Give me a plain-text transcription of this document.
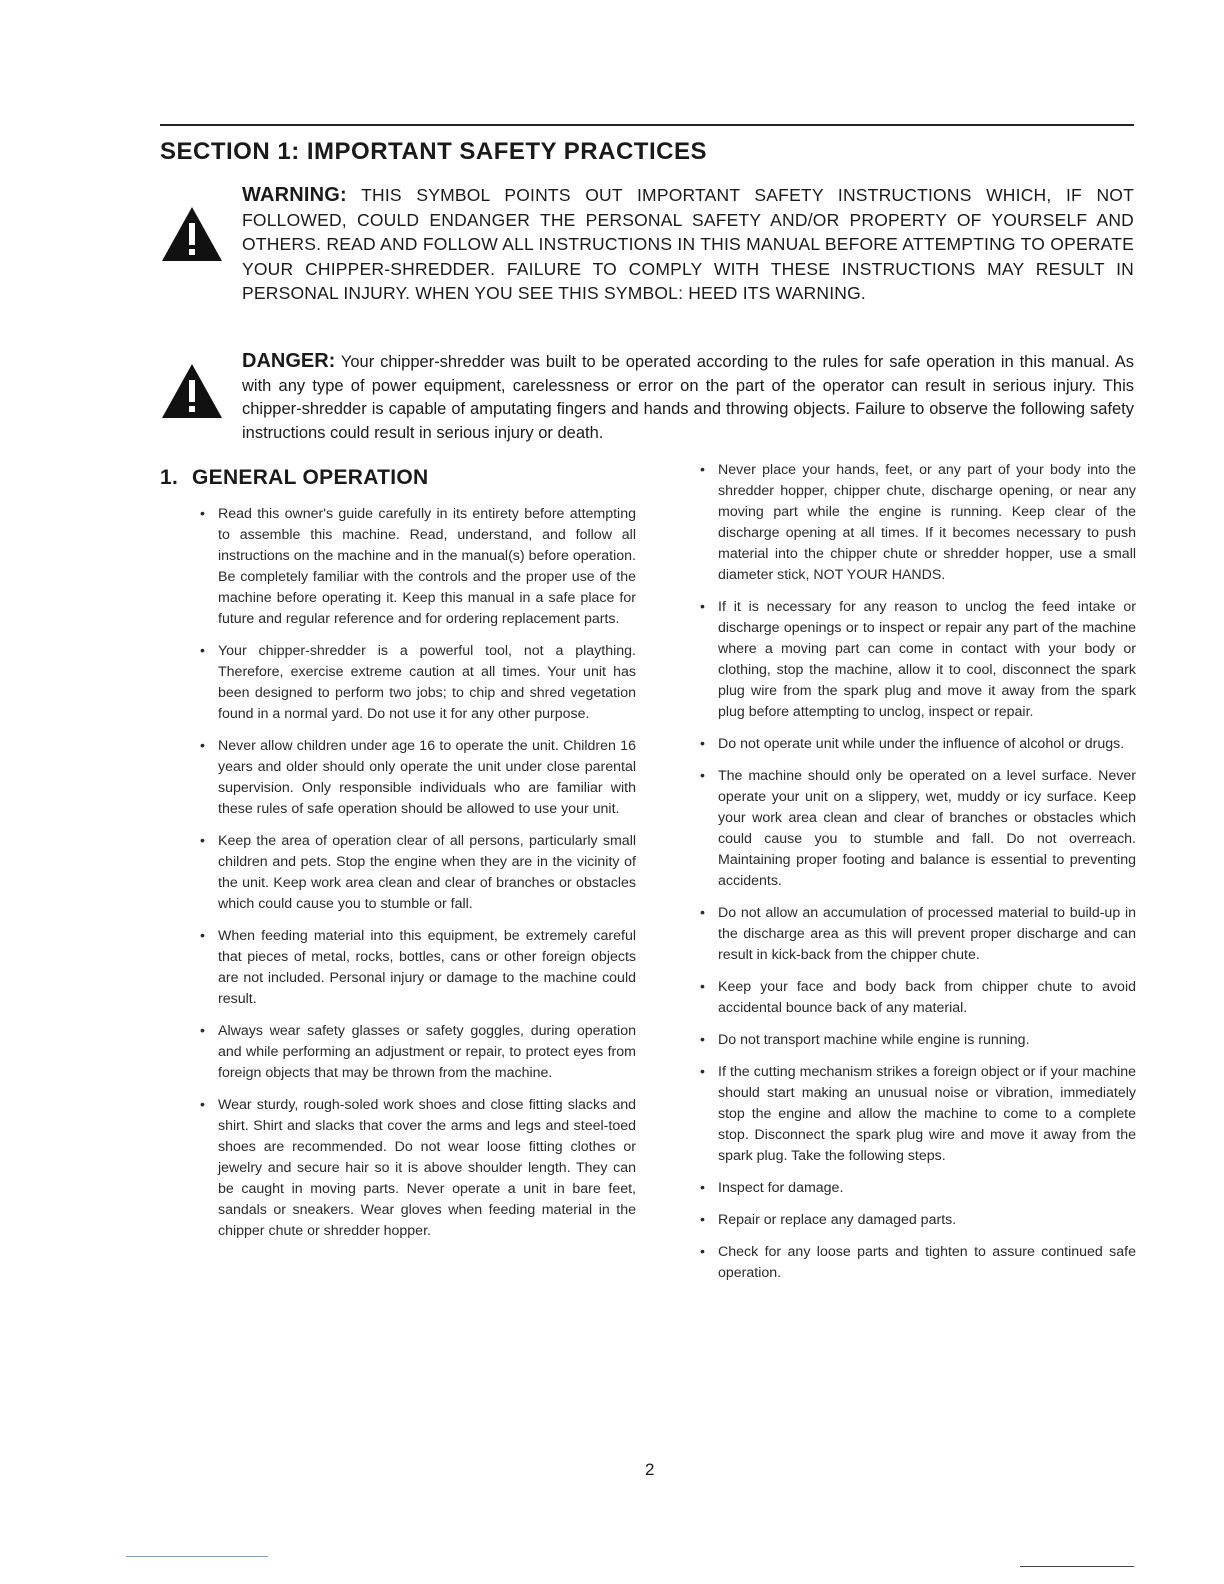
SECTION 1: IMPORTANT SAFETY PRACTICES
WARNING: THIS SYMBOL POINTS OUT IMPORTANT SAFETY INSTRUCTIONS WHICH, IF NOT FOLLOWED, COULD ENDANGER THE PERSONAL SAFETY AND/OR PROPERTY OF YOURSELF AND OTHERS. READ AND FOLLOW ALL INSTRUCTIONS IN THIS MANUAL BEFORE ATTEMPTING TO OPERATE YOUR CHIPPER-SHREDDER. FAILURE TO COMPLY WITH THESE INSTRUCTIONS MAY RESULT IN PERSONAL INJURY. WHEN YOU SEE THIS SYMBOL: HEED ITS WARNING.
DANGER: Your chipper-shredder was built to be operated according to the rules for safe operation in this manual. As with any type of power equipment, carelessness or error on the part of the operator can result in serious injury. This chipper-shredder is capable of amputating fingers and hands and throwing objects. Failure to observe the following safety instructions could result in serious injury or death.
1. GENERAL OPERATION
• Read this owner's guide carefully in its entirety before attempting to assemble this machine. Read, understand, and follow all instructions on the machine and in the manual(s) before operation. Be completely familiar with the controls and the proper use of the machine before operating it. Keep this manual in a safe place for future and regular reference and for ordering replacement parts.
• Your chipper-shredder is a powerful tool, not a plaything. Therefore, exercise extreme caution at all times. Your unit has been designed to perform two jobs; to chip and shred vegetation found in a normal yard. Do not use it for any other purpose.
• Never allow children under age 16 to operate the unit. Children 16 years and older should only operate the unit under close parental supervision. Only responsible individuals who are familiar with these rules of safe operation should be allowed to use your unit.
• Keep the area of operation clear of all persons, particularly small children and pets. Stop the engine when they are in the vicinity of the unit. Keep work area clean and clear of branches or obstacles which could cause you to stumble or fall.
• When feeding material into this equipment, be extremely careful that pieces of metal, rocks, bottles, cans or other foreign objects are not included. Personal injury or damage to the machine could result.
• Always wear safety glasses or safety goggles, during operation and while performing an adjustment or repair, to protect eyes from foreign objects that may be thrown from the machine.
• Wear sturdy, rough-soled work shoes and close fitting slacks and shirt. Shirt and slacks that cover the arms and legs and steel-toed shoes are recommended. Do not wear loose fitting clothes or jewelry and secure hair so it is above shoulder length. They can be caught in moving parts. Never operate a unit in bare feet, sandals or sneakers. Wear gloves when feeding material in the chipper chute or shredder hopper.
• Never place your hands, feet, or any part of your body into the shredder hopper, chipper chute, discharge opening, or near any moving part while the engine is running. Keep clear of the discharge opening at all times. If it becomes necessary to push material into the chipper chute or shredder hopper, use a small diameter stick, NOT YOUR HANDS.
• If it is necessary for any reason to unclog the feed intake or discharge openings or to inspect or repair any part of the machine where a moving part can come in contact with your body or clothing, stop the machine, allow it to cool, disconnect the spark plug wire from the spark plug and move it away from the spark plug before attempting to unclog, inspect or repair.
• Do not operate unit while under the influence of alcohol or drugs.
• The machine should only be operated on a level surface. Never operate your unit on a slippery, wet, muddy or icy surface. Keep your work area clean and clear of branches or obstacles which could cause you to stumble and fall. Do not overreach. Maintaining proper footing and balance is essential to preventing accidents.
• Do not allow an accumulation of processed material to build-up in the discharge area as this will prevent proper discharge and can result in kick-back from the chipper chute.
• Keep your face and body back from chipper chute to avoid accidental bounce back of any material.
• Do not transport machine while engine is running.
• If the cutting mechanism strikes a foreign object or if your machine should start making an unusual noise or vibration, immediately stop the engine and allow the machine to come to a complete stop. Disconnect the spark plug wire and move it away from the spark plug. Take the following steps.
• Inspect for damage.
• Repair or replace any damaged parts.
• Check for any loose parts and tighten to assure continued safe operation.
2
